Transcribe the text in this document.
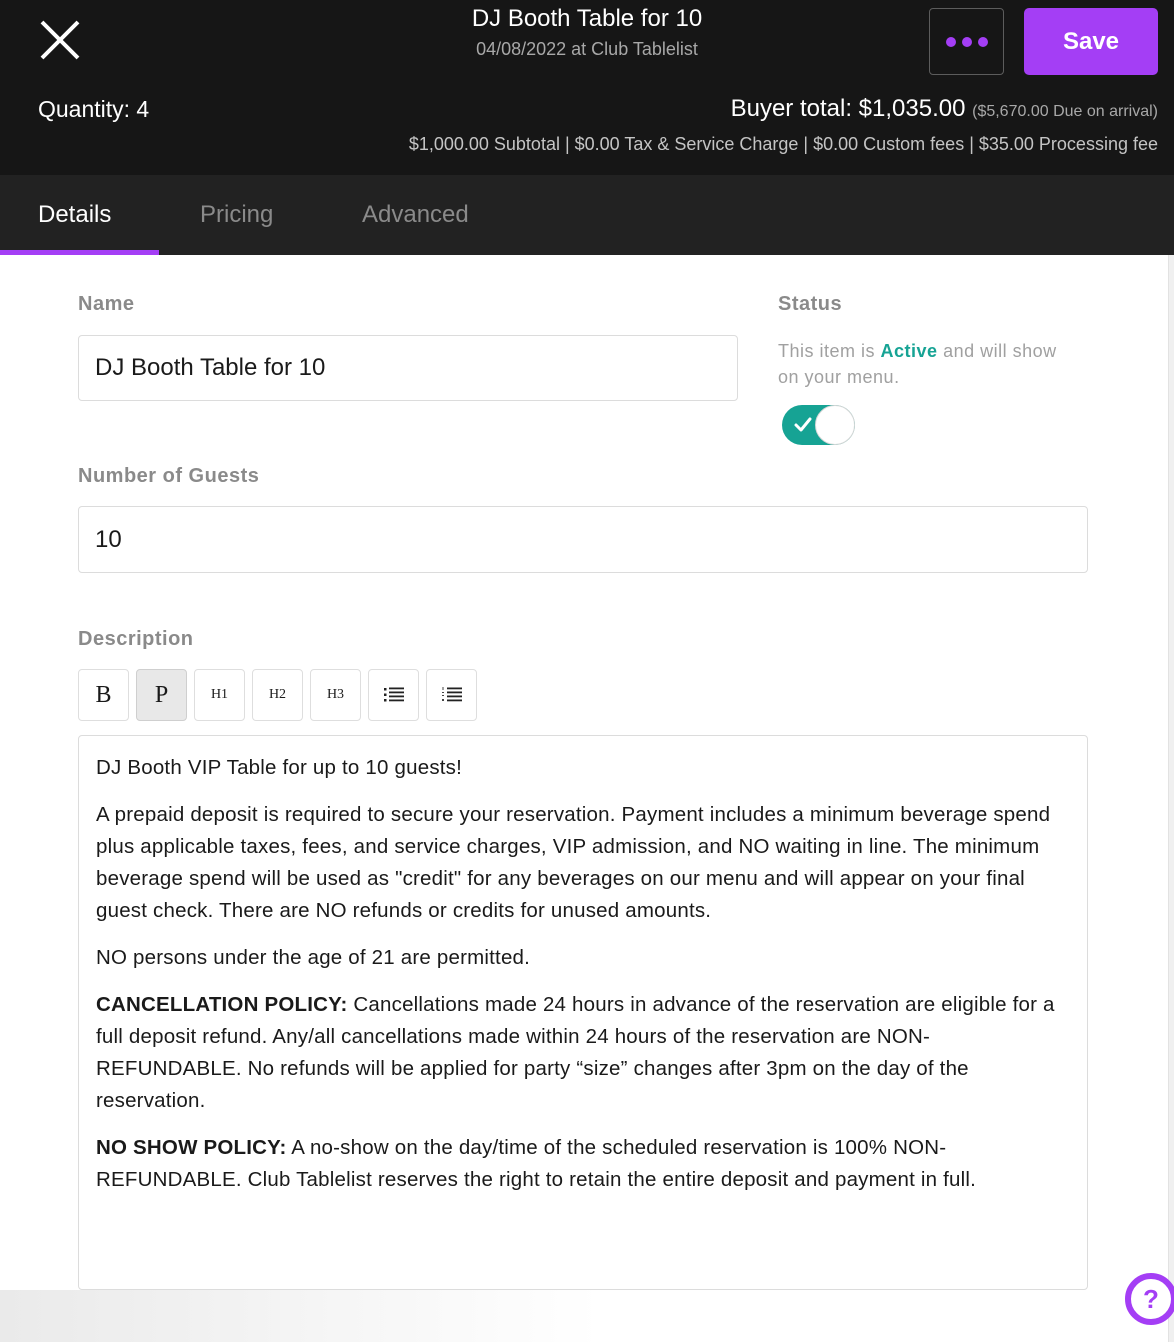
DJ Booth Table for 10
04/08/2022 at Club Tablelist	Save
Quantity: 4	Buyer total: $1,035.00 ($5,670.00 Due on arrival)
$1,000.00 Subtotal | $0.00 Tax & Service Charge | $0.00 Custom fees | $35.00 Processing fee
Details	Pricing	Advanced
Name
DJ Booth Table for 10	Status
This item is Active and will show on your menu.
Number of Guests
10
Description
B	P	H1	H2	H3

DJ Booth VIP Table for up to 10 guests!

A prepaid deposit is required to secure your reservation. Payment includes a minimum beverage spend plus applicable taxes, fees, and service charges, VIP admission, and NO waiting in line. The minimum beverage spend will be used as "credit" for any beverages on our menu and will appear on your final guest check. There are NO refunds or credits for unused amounts.

NO persons under the age of 21 are permitted.

CANCELLATION POLICY: Cancellations made 24 hours in advance of the reservation are eligible for a full deposit refund. Any/all cancellations made within 24 hours of the reservation are NON-REFUNDABLE. No refunds will be applied for party “size” changes after 3pm on the day of the reservation.

NO SHOW POLICY: A no-show on the day/time of the scheduled reservation is 100% NON-REFUNDABLE. Club Tablelist reserves the right to retain the entire deposit and payment in full.

?
